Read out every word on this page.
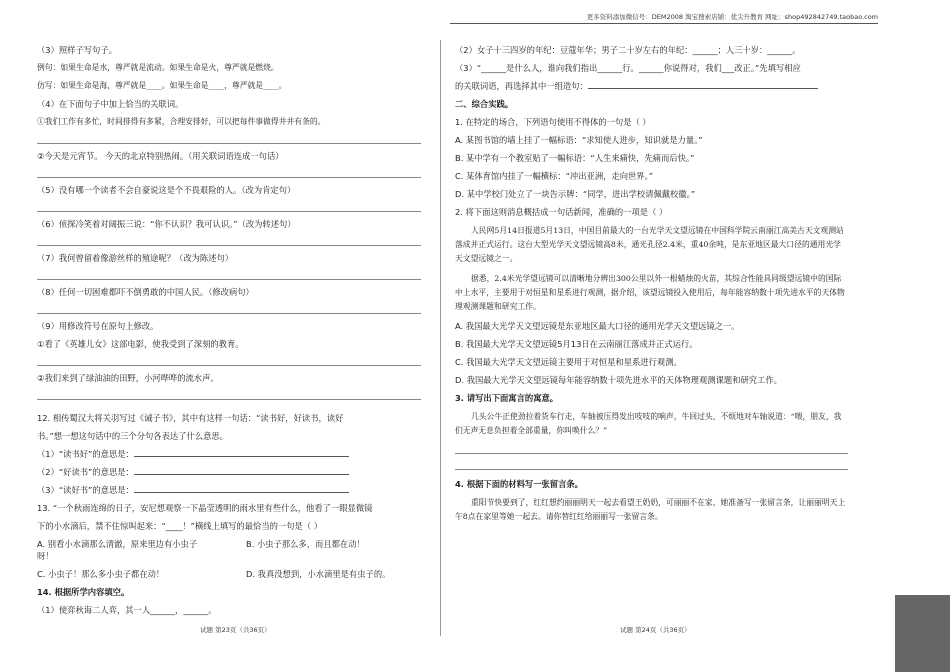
更多资料添加微信号：DEM2008 淘宝搜索店铺：优尖升教育 网址：shop492842749.taobao.com
（3）照样子写句子。
例句：如果生命是水，尊严就是流动。如果生命是火，尊严就是燃烧。
仿写：如果生命是海，尊严就是____。如果生命是____，尊严就是____。
（4）在下面句子中加上恰当的关联词。
①我们工作有多忙，时间排得有多紧，合理安排好，可以把每件事做得井井有条的。
②今天是元宵节。 今天的北京特别热闹。（用关联词语连成一句话）
（5）没有哪一个读者不会自豪说这是个不畏艰险的人。（改为肯定句）
（6）侦探冷笑着对阔振三说：“你不认识？我可认识。”（改为转述句）
（7）我何曾留着像游丝样的殖途呢？（改为陈述句）
（8）任何一切困难都吓不倒勇敢的中国人民。（修改病句）
（9）用修改符号在原句上修改。
①看了《英雄儿女》这部电影，使我受到了深刻的教育。
②我们来到了绿油油的田野，小河哗哗的流水声。
12. 相传蜀汉大将关羽写过《诫子书》，其中有这样一句话：“读书好，好读书，读好
书。”想一想这句话中的三个分句各表达了什么意思。
（1）“读书好”的意思是：
（2）“好读书”的意思是：
（3）“读好书”的意思是：
13. “一个秋雨连绵的日子，安尼想观察一下晶莹透明的雨水里有些什么，他看了一眼显微镜
下的小水滴后，禁不住惊叫起来：“____！”横线上填写的最恰当的一句是（ ）
A. 别看小水滴那么清澈，原来里边有小虫子
呀！
B. 小虫子那么多，而且都在动！
C. 小虫子！那么多小虫子都在动！	D. 我真没想到，小水滴里是有虫子的。
14. 根据所学内容填空。
（1）使弈秋诲二人弈，其一人______，______。
（2）女子十三四岁的年纪：豆蔻年华；男子二十岁左右的年纪：______；人三十岁：______。
（3）“______是什么人，谁向我们指出______行。______你说得对，我们___改正。”先填写相应
的关联词语，再选择其中一组造句：
二、综合实践。
1. 在特定的场合，下列语句使用不得体的一句是（ ）
A. 某图书馆的墙上挂了一幅标语：“求知使人进步，知识就是力量。”
B. 某中学有一个教室贴了一幅标语：“人生来痛快，先痛而后快。”
C. 某体育馆内挂了一幅横标：“冲出亚洲，走向世界。”
D. 某中学校门处立了一块告示牌：“同学，进出学校请佩戴校徽。”
2. 将下面这则消息概括成一句话新闻，准确的一项是（ ）
人民网5月14日报道5月13日，中国目前最大的一台光学天文望远镜在中国科学院云南丽江高美古天文观测站落成并正式运行。这台大型光学天文望远镜高8米，通光孔径2.4米，重40余吨，是东亚地区最大口径的通用光学天文望远镜之一。
据悉，2.4米光学望远镜可以清晰地分辨出300公里以外一根蜡烛的火苗，其综合性能具同级望远镜中的国际中上水平，主要用于对恒星和星系进行观测，据介绍，该望远镜投入使用后，每年能容纳数十项先进水平的天体物理观测课题和研究工作。
A. 我国最大光学天文望远镜是东亚地区最大口径的通用光学天文望远镜之一。
B. 我国最大光学天文望远镜5月13日在云南丽江落成并正式运行。
C. 我国最大光学天文望远镜主要用于对恒星和星系进行观测。
D. 我国最大光学天文望远镜每年能容纳数十项先进水平的天体物理观测课题和研究工作。
3. 请写出下面寓言的寓意。
几头公牛正使劲拉着货车行走，车轴被压得发出吱吱的响声，牛回过头，不烦地对车轴说道：“喂，朋友，我们无声无息负担着全部重量，你叫唤什么？”
4. 根据下面的材料写一张留言条。
重阳节快要到了，红红想约丽丽明天一起去看望王奶奶，可丽丽不在家，她准备写一张留言条，让丽丽明天上午8点在家里等她一起去。请你替红红给丽丽写一张留言条。
试题 第23页（共36页）	试题 第24页（共36页）
